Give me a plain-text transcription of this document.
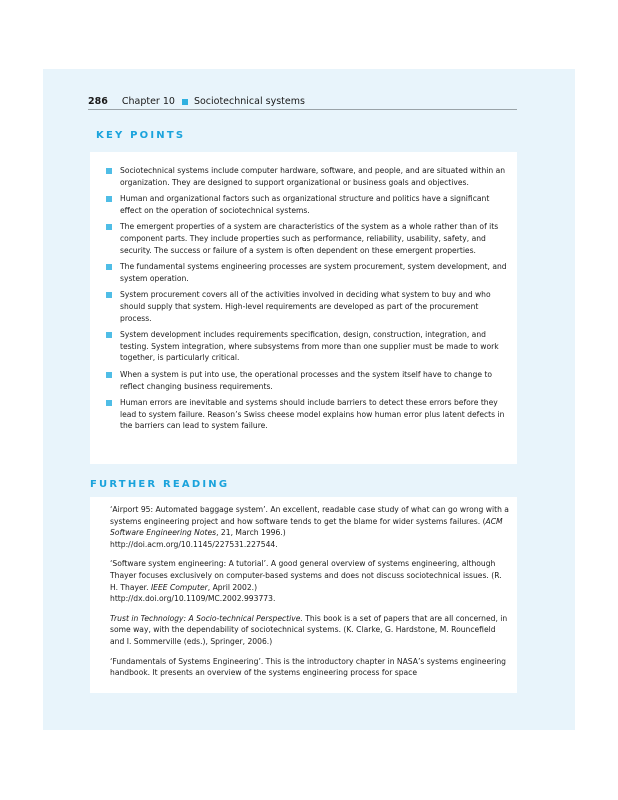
286 Chapter 10 Sociotechnical systems
KEY POINTS
Sociotechnical systems include computer hardware, software, and people, and are situated within an organization. They are designed to support organizational or business goals and objectives.
Human and organizational factors such as organizational structure and politics have a significant effect on the operation of sociotechnical systems.
The emergent properties of a system are characteristics of the system as a whole rather than of its component parts. They include properties such as performance, reliability, usability, safety, and security. The success or failure of a system is often dependent on these emergent properties.
The fundamental systems engineering processes are system procurement, system development, and system operation.
System procurement covers all of the activities involved in deciding what system to buy and who should supply that system. High-level requirements are developed as part of the procurement process.
System development includes requirements specification, design, construction, integration, and testing. System integration, where subsystems from more than one supplier must be made to work together, is particularly critical.
When a system is put into use, the operational processes and the system itself have to change to reflect changing business requirements.
Human errors are inevitable and systems should include barriers to detect these errors before they lead to system failure. Reason’s Swiss cheese model explains how human error plus latent defects in the barriers can lead to system failure.
FURTHER READING
‘Airport 95: Automated baggage system’. An excellent, readable case study of what can go wrong with a systems engineering project and how software tends to get the blame for wider systems failures. (ACM Software Engineering Notes, 21, March 1996.)
http://doi.acm.org/10.1145/227531.227544.
‘Software system engineering: A tutorial’. A good general overview of systems engineering, although Thayer focuses exclusively on computer-based systems and does not discuss sociotechnical issues. (R. H. Thayer. IEEE Computer, April 2002.)
http://dx.doi.org/10.1109/MC.2002.993773.
Trust in Technology: A Socio-technical Perspective. This book is a set of papers that are all concerned, in some way, with the dependability of sociotechnical systems. (K. Clarke, G. Hardstone, M. Rouncefield and I. Sommerville (eds.), Springer, 2006.)
‘Fundamentals of Systems Engineering’. This is the introductory chapter in NASA’s systems engineering handbook. It presents an overview of the systems engineering process for space
